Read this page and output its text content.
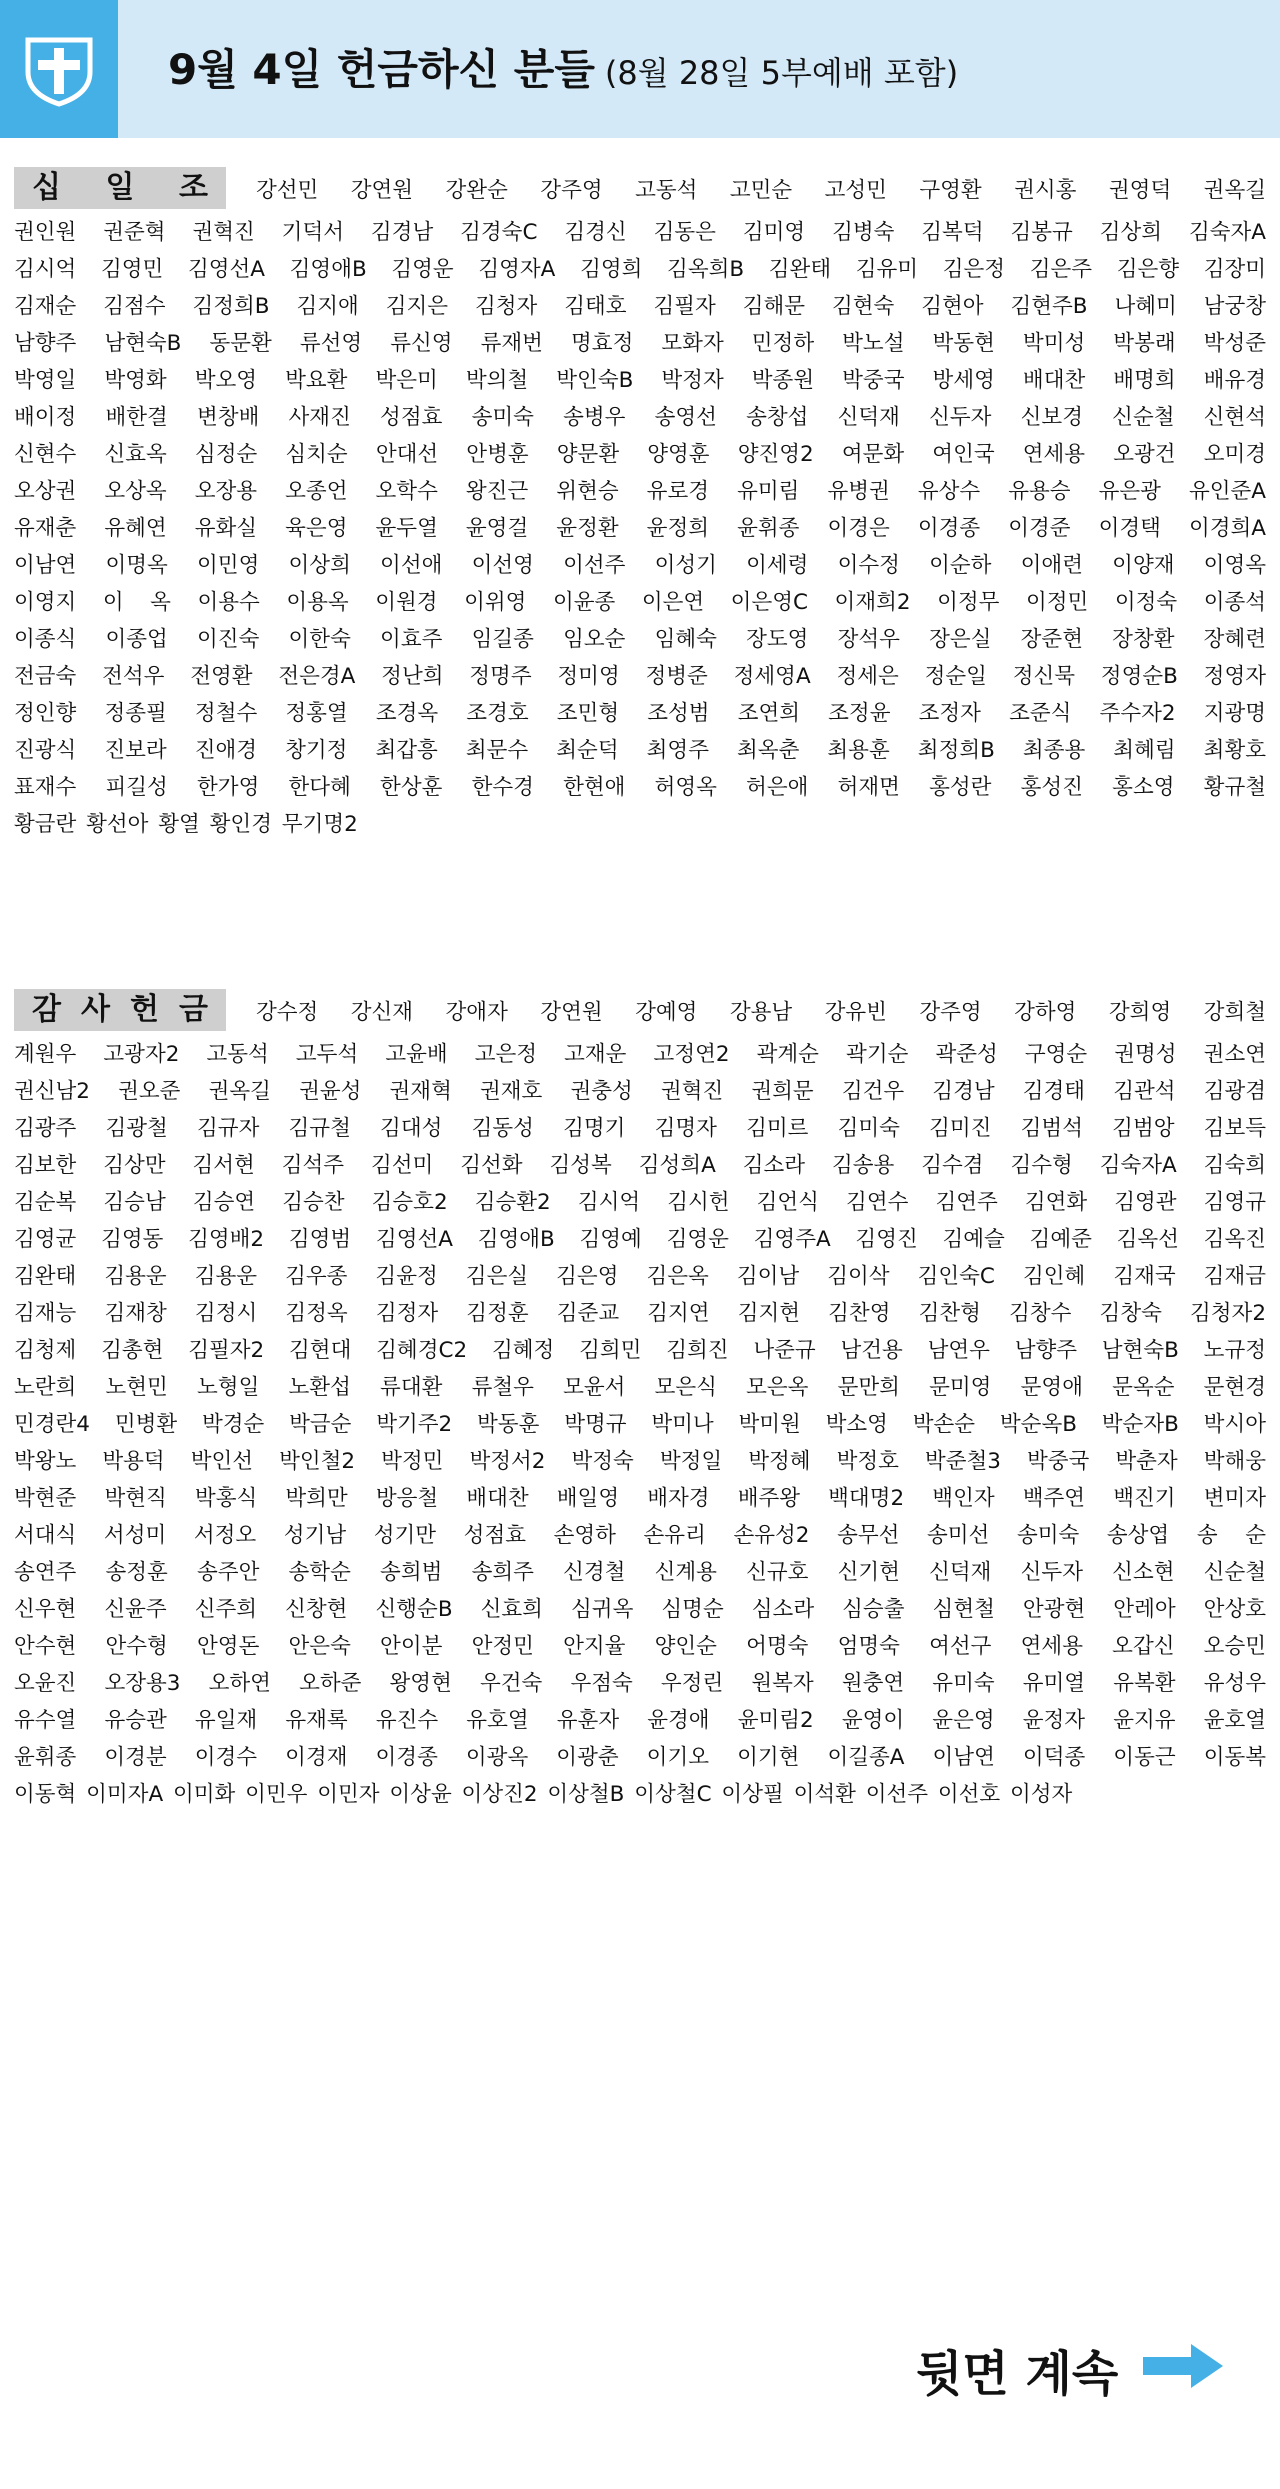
9월 4일 헌금하신 분들 (8월 28일 5부예배 포함)
십 일 조 강선민 강연원 강완순 강주영 고동석 고민순 고성민 구영환 권시홍 권영덕 권옥길
권인원 권준혁 권혁진 기덕서 김경남 김경숙C 김경신 김동은 김미영 김병숙 김복덕 김봉규 김상희 김숙자A
김시억 김영민 김영선A 김영애B 김영운 김영자A 김영희 김옥희B 김완태 김유미 김은정 김은주 김은향 김장미
김재순 김점수 김정희B 김지애 김지은 김청자 김태호 김필자 김해문 김현숙 김현아 김현주B 나혜미 남궁창
남향주 남현숙B 동문환 류선영 류신영 류재번 명효정 모화자 민정하 박노설 박동현 박미성 박봉래 박성준
박영일 박영화 박오영 박요환 박은미 박의철 박인숙B 박정자 박종원 박중국 방세영 배대찬 배명희 배유경
배이정 배한결 변창배 사재진 성점효 송미숙 송병우 송영선 송창섭 신덕재 신두자 신보경 신순철 신현석
신현수 신효옥 심정순 심치순 안대선 안병훈 양문환 양영훈 양진영2 여문화 여인국 연세용 오광건 오미경
오상권 오상옥 오장용 오종언 오학수 왕진근 위현승 유로경 유미림 유병권 유상수 유용승 유은광 유인준A
유재춘 유혜연 유화실 육은영 윤두열 윤영걸 윤정환 윤정희 윤휘종 이경은 이경종 이경준 이경택 이경희A
이남연 이명옥 이민영 이상희 이선애 이선영 이선주 이성기 이세령 이수정 이순하 이애련 이양재 이영옥
이영지 이 옥 이용수 이용옥 이원경 이위영 이윤종 이은연 이은영C 이재희2 이정무 이정민 이정숙 이종석
이종식 이종업 이진숙 이한숙 이효주 임길종 임오순 임혜숙 장도영 장석우 장은실 장준현 장창환 장혜련
전금숙 전석우 전영환 전은경A 정난희 정명주 정미영 정병준 정세영A 정세은 정순일 정신묵 정영순B 정영자
정인향 정종필 정철수 정홍열 조경옥 조경호 조민형 조성범 조연희 조정윤 조정자 조준식 주수자2 지광명
진광식 진보라 진애경 창기정 최갑흥 최문수 최순덕 최영주 최옥춘 최용훈 최정희B 최종용 최혜림 최황호
표재수 피길성 한가영 한다혜 한상훈 한수경 한현애 허영옥 허은애 허재면 홍성란 홍성진 홍소영 황규철
황금란 황선아 황열 황인경 무기명2
감 사 헌 금 강수정 강신재 강애자 강연원 강예영 강용남 강유빈 강주영 강하영 강희영 강희철
계원우 고광자2 고동석 고두석 고윤배 고은정 고재운 고정연2 곽계순 곽기순 곽준성 구영순 권명성 권소연
권신남2 권오준 권옥길 권윤성 권재혁 권재호 권충성 권혁진 권희문 김건우 김경남 김경태 김관석 김광겸
김광주 김광철 김규자 김규철 김대성 김동성 김명기 김명자 김미르 김미숙 김미진 김범석 김범앙 김보득
김보한 김상만 김서현 김석주 김선미 김선화 김성복 김성희A 김소라 김송용 김수겸 김수형 김숙자A 김숙희
김순복 김승남 김승연 김승찬 김승호2 김승환2 김시억 김시헌 김언식 김연수 김연주 김연화 김영관 김영규
김영균 김영동 김영배2 김영범 김영선A 김영애B 김영예 김영운 김영주A 김영진 김예슬 김예준 김옥선 김옥진
김완태 김용운 김용운 김우종 김윤정 김은실 김은영 김은옥 김이남 김이삭 김인숙C 김인혜 김재국 김재금
김재능 김재창 김정시 김정옥 김정자 김정훈 김준교 김지연 김지현 김찬영 김찬형 김창수 김창숙 김청자2
김청제 김총현 김필자2 김현대 김혜경C2 김혜정 김희민 김희진 나준규 남건용 남연우 남향주 남현숙B 노규정
노란희 노현민 노형일 노환섭 류대환 류철우 모윤서 모은식 모은옥 문만희 문미영 문영애 문옥순 문현경
민경란4 민병환 박경순 박금순 박기주2 박동훈 박명규 박미나 박미원 박소영 박손순 박순옥B 박순자B 박시아
박왕노 박용덕 박인선 박인철2 박정민 박정서2 박정숙 박정일 박정혜 박정호 박준철3 박중국 박춘자 박해웅
박현준 박현직 박홍식 박희만 방응철 배대찬 배일영 배자경 배주왕 백대명2 백인자 백주연 백진기 변미자
서대식 서성미 서정오 성기남 성기만 성점효 손영하 손유리 손유성2 송무선 송미선 송미숙 송상엽 송 순
송연주 송정훈 송주안 송학순 송희범 송희주 신경철 신계용 신규호 신기현 신덕재 신두자 신소현 신순철
신우현 신윤주 신주희 신창현 신행순B 신효희 심귀옥 심명순 심소라 심승출 심현철 안광현 안레아 안상호
안수현 안수형 안영돈 안은숙 안이분 안정민 안지율 양인순 어명숙 엄명숙 여선구 연세용 오갑신 오승민
오윤진 오장용3 오하연 오하준 왕영현 우건숙 우점숙 우정린 원복자 원충연 유미숙 유미열 유복환 유성우
유수열 유승관 유일재 유재록 유진수 유호열 유훈자 윤경애 윤미림2 윤영이 윤은영 윤정자 윤지유 윤호열
윤휘종 이경분 이경수 이경재 이경종 이광옥 이광춘 이기오 이기현 이길종A 이남연 이덕종 이동근 이동복
이동혁 이미자A 이미화 이민우 이민자 이상윤 이상진2 이상철B 이상철C 이상필 이석환 이선주 이선호 이성자
뒷면 계속
